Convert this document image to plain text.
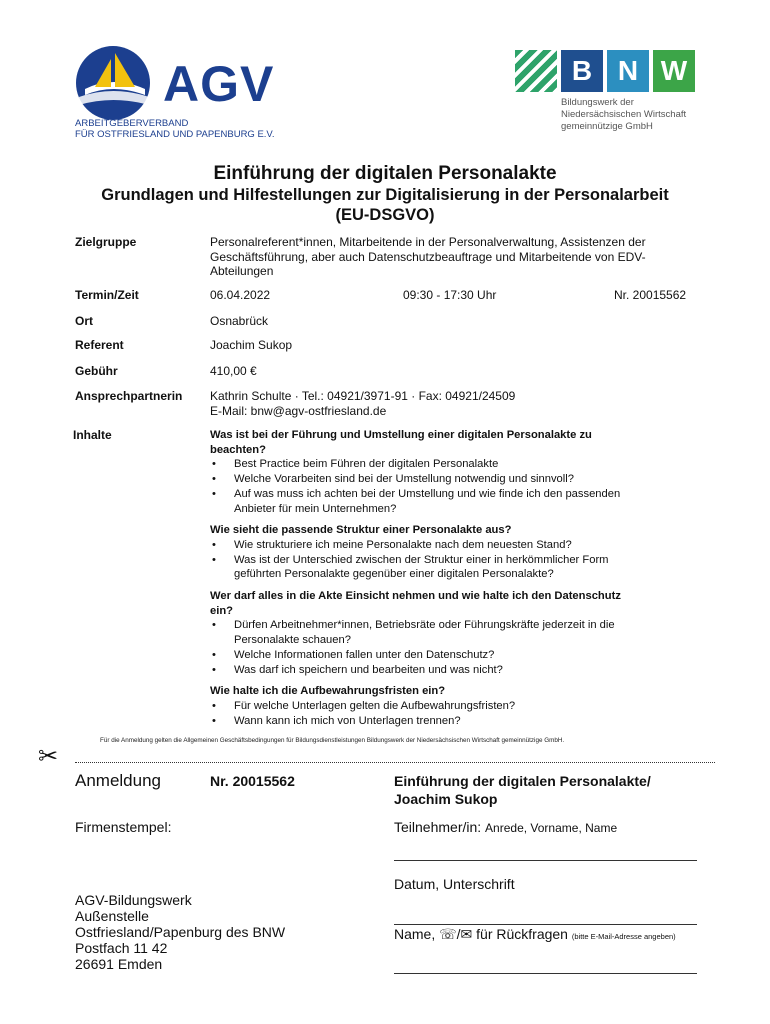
AGV
ARBEITGEBERVERBAND
FÜR OSTFRIESLAND UND PAPENBURG E.V.
B N W
Bildungswerk der
Niedersächsischen Wirtschaft
gemeinnützige GmbH
Einführung der digitalen Personalakte
Grundlagen und Hilfestellungen zur Digitalisierung in der Personalarbeit
(EU-DSGVO)
Zielgruppe	Personalreferent*innen, Mitarbeitende in der Personalverwaltung, Assistenzen der
Geschäftsführung, aber auch Datenschutzbeauftrage und Mitarbeitende von EDV-
Abteilungen
Termin/Zeit	06.04.2022	09:30 - 17:30 Uhr	Nr. 20015562
Ort	Osnabrück
Referent	Joachim Sukop
Gebühr	410,00 €
Ansprechpartnerin Kathrin Schulte · Tel.: 04921/3971-91 · Fax: 04921/24509
E-Mail: bnw@agv-ostfriesland.de
Inhalte	Was ist bei der Führung und Umstellung einer digitalen Personalakte zu
beachten?
• Best Practice beim Führen der digitalen Personalakte
• Welche Vorarbeiten sind bei der Umstellung notwendig und sinnvoll?
• Auf was muss ich achten bei der Umstellung und wie finde ich den passenden
Anbieter für mein Unternehmen?
Wie sieht die passende Struktur einer Personalakte aus?
• Wie strukturiere ich meine Personalakte nach dem neuesten Stand?
• Was ist der Unterschied zwischen der Struktur einer in herkömmlicher Form
geführten Personalakte gegenüber einer digitalen Personalakte?
Wer darf alles in die Akte Einsicht nehmen und wie halte ich den Datenschutz
ein?
• Dürfen Arbeitnehmer*innen, Betriebsräte oder Führungskräfte jederzeit in die
Personalakte schauen?
• Welche Informationen fallen unter den Datenschutz?
• Was darf ich speichern und bearbeiten und was nicht?
Wie halte ich die Aufbewahrungsfristen ein?
• Für welche Unterlagen gelten die Aufbewahrungsfristen?
• Wann kann ich mich von Unterlagen trennen?
Für die Anmeldung gelten die Allgemeinen Geschäftsbedingungen für Bildungsdienstleistungen Bildungswerk der Niedersächsischen Wirtschaft gemeinnützige GmbH.
✂
Anmeldung	Nr. 20015562	Einführung der digitalen Personalakte/
Joachim Sukop
Firmenstempel:	Teilnehmer/in: Anrede, Vorname, Name
Datum, Unterschrift
Name, ☏/✉ für Rückfragen (bitte E-Mail-Adresse angeben)
AGV-Bildungswerk
Außenstelle
Ostfriesland/Papenburg des BNW
Postfach 11 42
26691 Emden
